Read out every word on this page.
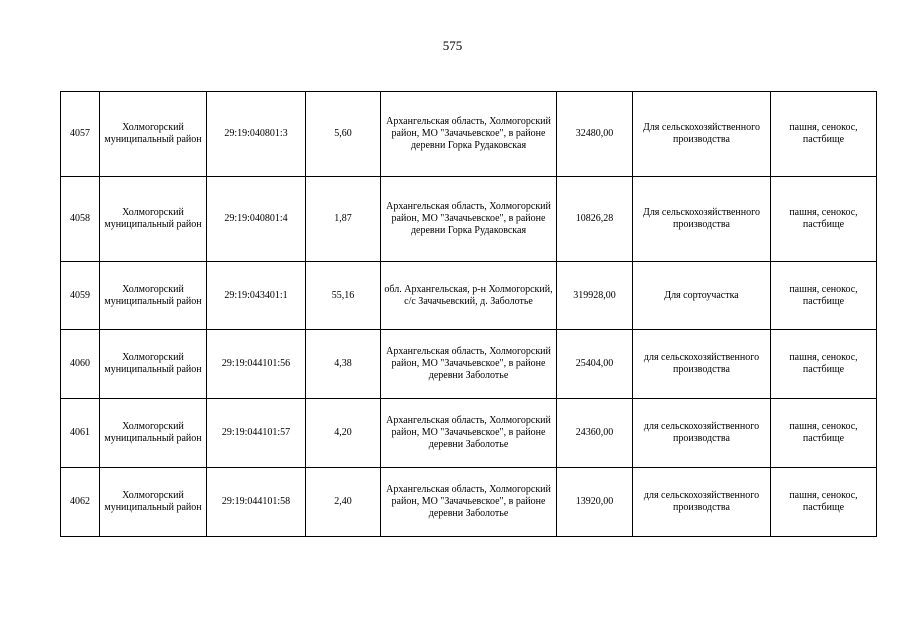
575
4057	Холмогорский муниципальный район	29:19:040801:3	5,60	Архангельская область, Холмогорский район, МО "Зачачьевское", в районе деревни Горка Рудаковская	32480,00	Для сельскохозяйственного производства	пашня, сенокос, пастбище
4058	Холмогорский муниципальный район	29:19:040801:4	1,87	Архангельская область, Холмогорский район, МО "Зачачьевское", в районе деревни Горка Рудаковская	10826,28	Для сельскохозяйственного производства	пашня, сенокос, пастбище
4059	Холмогорский муниципальный район	29:19:043401:1	55,16	обл. Архангельская, р-н Холмогорский, с/с Зачачьевский, д. Заболотье	319928,00	Для сортоучастка	пашня, сенокос, пастбище
4060	Холмогорский муниципальный район	29:19:044101:56	4,38	Архангельская область, Холмогорский район, МО "Зачачьевское", в районе деревни Заболотье	25404,00	для сельскохозяйственного производства	пашня, сенокос, пастбище
4061	Холмогорский муниципальный район	29:19:044101:57	4,20	Архангельская область, Холмогорский район, МО "Зачачьевское", в районе деревни Заболотье	24360,00	для сельскохозяйственного производства	пашня, сенокос, пастбище
4062	Холмогорский муниципальный район	29:19:044101:58	2,40	Архангельская область, Холмогорский район, МО "Зачачьевское", в районе деревни Заболотье	13920,00	для сельскохозяйственного производства	пашня, сенокос, пастбище
